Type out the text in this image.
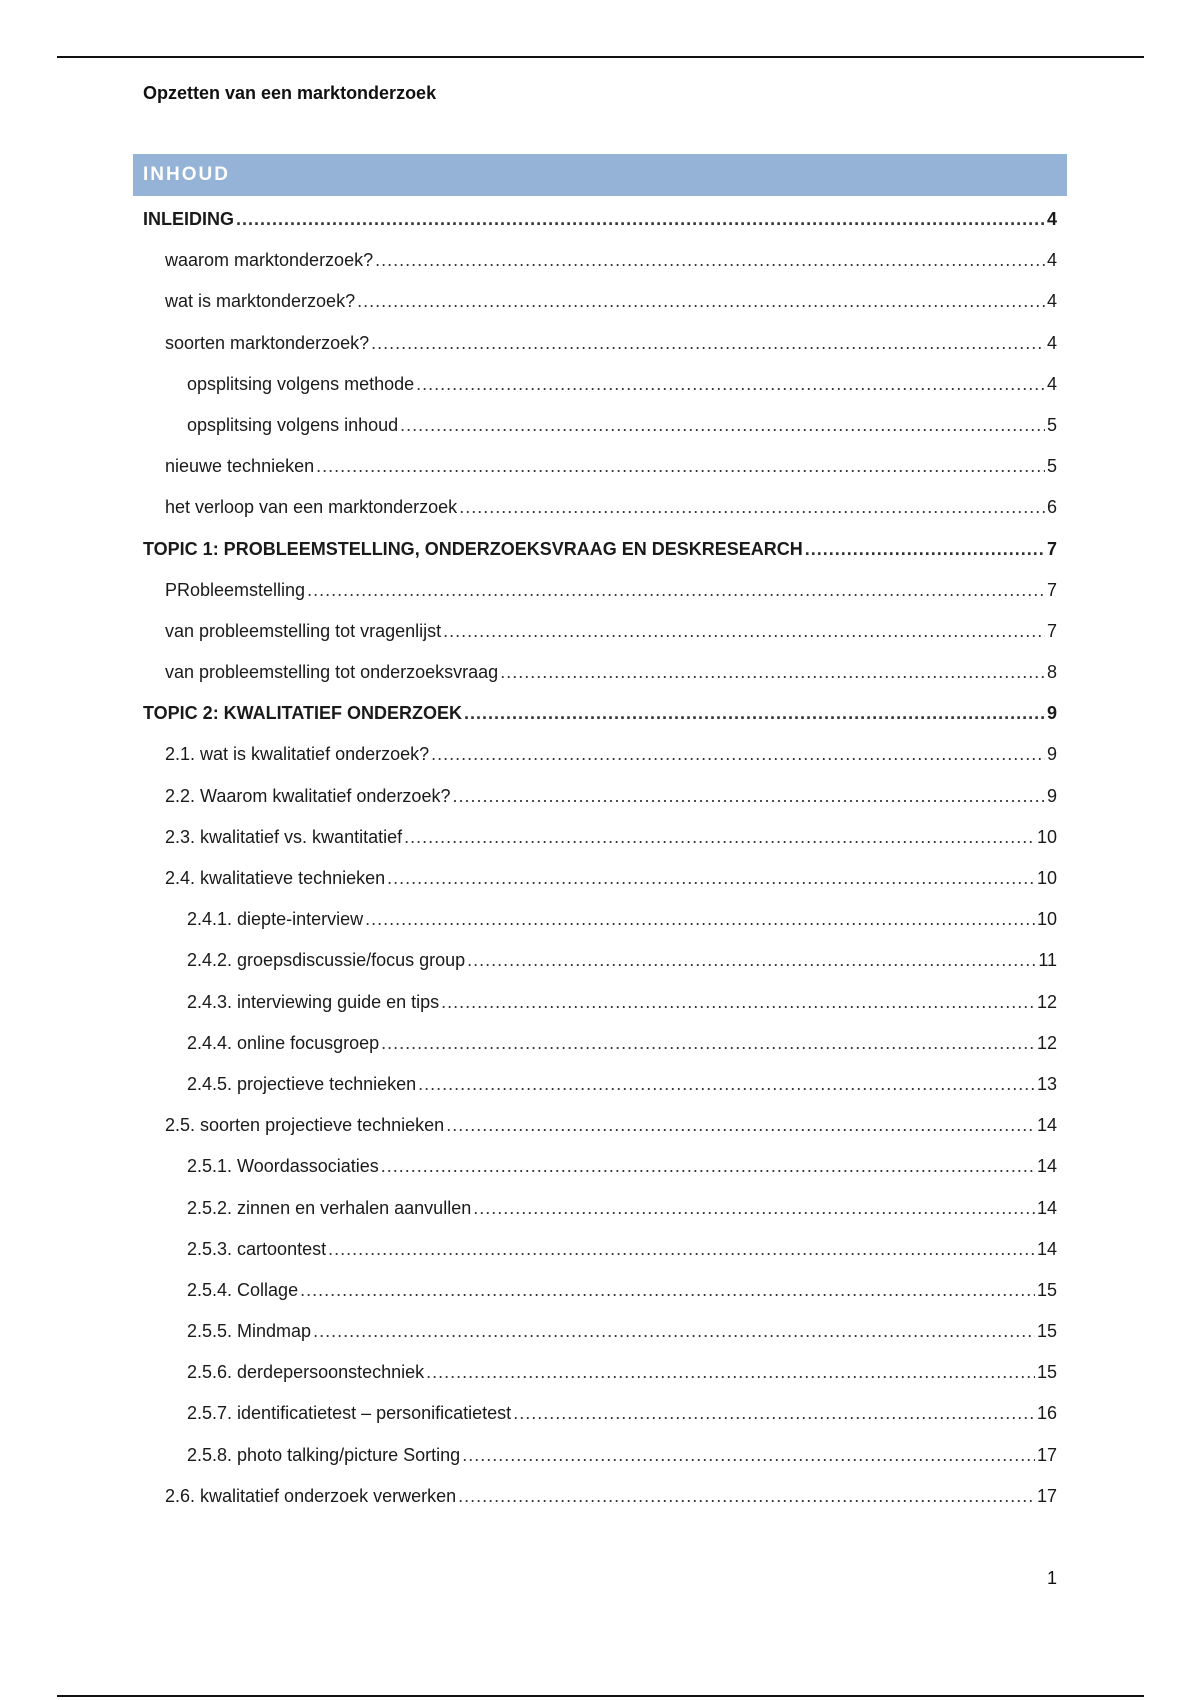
Opzetten van een marktonderzoek
INHOUD
INLEIDING .....	4
waarom marktonderzoek? .....	4
wat is marktonderzoek? .....	4
soorten marktonderzoek? .....	4
opsplitsing volgens methode .....	4
opsplitsing volgens inhoud .....	5
nieuwe technieken .....	5
het verloop van een marktonderzoek .....	6
TOPIC 1: PROBLEEMSTELLING, ONDERZOEKSVRAAG EN DESKRESEARCH .....	7
PRobleemstelling .....	7
van probleemstelling tot vragenlijst .....	7
van probleemstelling tot onderzoeksvraag .....	8
TOPIC 2: KWALITATIEF ONDERZOEK .....	9
2.1. wat is kwalitatief onderzoek? .....	9
2.2. Waarom kwalitatief onderzoek? .....	9
2.3. kwalitatief vs. kwantitatief .....	10
2.4. kwalitatieve technieken .....	10
2.4.1. diepte-interview .....	10
2.4.2. groepsdiscussie/focus group .....	11
2.4.3. interviewing guide en tips .....	12
2.4.4. online focusgroep .....	12
2.4.5. projectieve technieken .....	13
2.5. soorten projectieve technieken .....	14
2.5.1. Woordassociaties .....	14
2.5.2. zinnen en verhalen aanvullen .....	14
2.5.3. cartoontest .....	14
2.5.4. Collage .....	15
2.5.5. Mindmap .....	15
2.5.6. derdepersoonstechniek .....	15
2.5.7. identificatietest – personificatietest .....	16
2.5.8. photo talking/picture Sorting .....	17
2.6. kwalitatief onderzoek verwerken .....	17
1
